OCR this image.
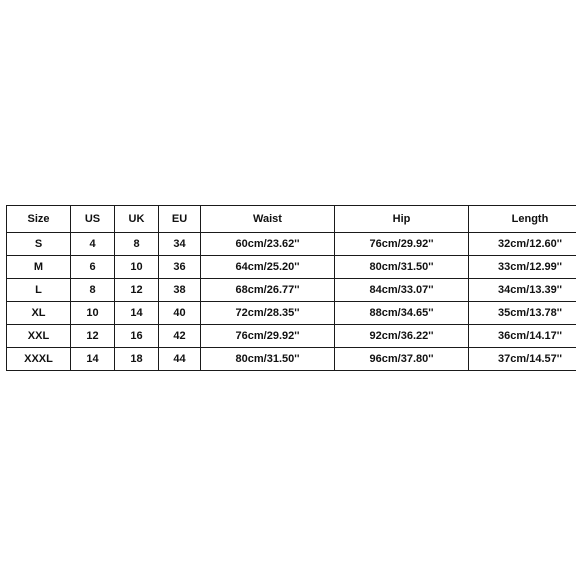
Size	US	UK	EU	Waist	Hip	Length
S	4	8	34	60cm/23.62''	76cm/29.92''	32cm/12.60''
M	6	10	36	64cm/25.20''	80cm/31.50''	33cm/12.99''
L	8	12	38	68cm/26.77''	84cm/33.07''	34cm/13.39''
XL	10	14	40	72cm/28.35''	88cm/34.65''	35cm/13.78''
XXL	12	16	42	76cm/29.92''	92cm/36.22''	36cm/14.17''
XXXL	14	18	44	80cm/31.50''	96cm/37.80''	37cm/14.57''
